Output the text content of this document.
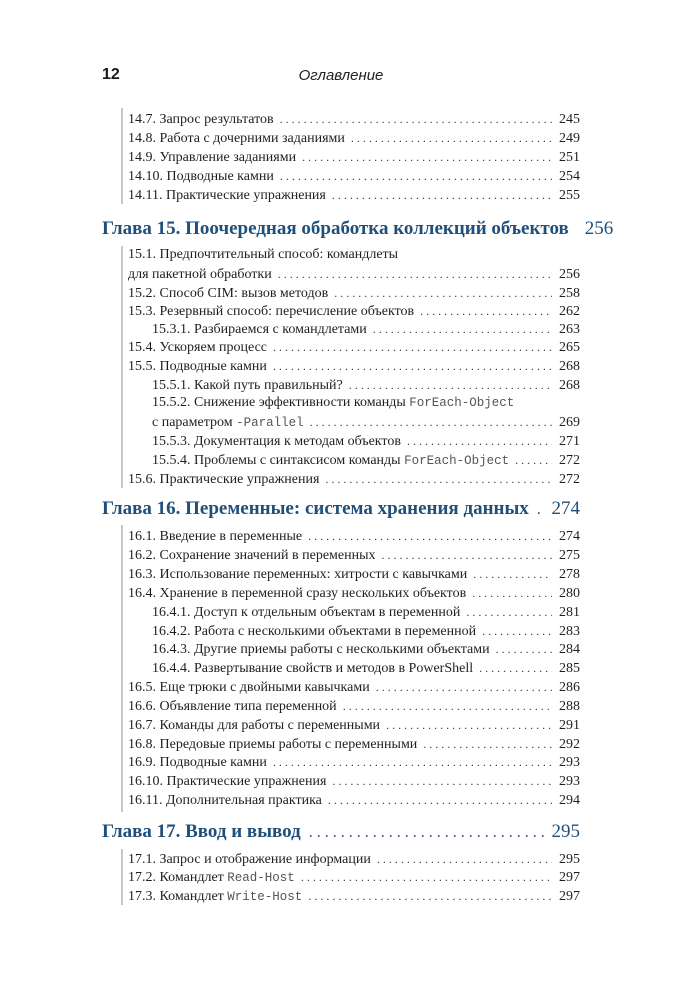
12	Оглавление
14.7. Запрос результатов . . .	245
14.8. Работа с дочерними заданиями . . .	249
14.9. Управление заданиями . . .	251
14.10. Подводные камни . . .	254
14.11. Практические упражнения . . .	255
Глава 15. Поочередная обработка коллекций объектов 256
15.1. Предпочтительный способ: командлеты
для пакетной обработки . . .	256
15.2. Способ CIM: вызов методов . . .	258
15.3. Резервный способ: перечисление объектов . . .	262
15.3.1. Разбираемся с командлетами . . .	263
15.4. Ускоряем процесс . . .	265
15.5. Подводные камни . . .	268
15.5.1. Какой путь правильный? . . .	268
15.5.2. Снижение эффективности команды ForEach-Object
с параметром -Parallel . . .	269
15.5.3. Документация к методам объектов . . .	271
15.5.4. Проблемы с синтаксисом команды ForEach-Object . . .	272
15.6. Практические упражнения . . .	272
Глава 16. Переменные: система хранения данных . . .	274
16.1. Введение в переменные . . .	274
16.2. Сохранение значений в переменных . . .	275
16.3. Использование переменных: хитрости с кавычками . . .	278
16.4. Хранение в переменной сразу нескольких объектов . . .	280
16.4.1. Доступ к отдельным объектам в переменной . . .	281
16.4.2. Работа с несколькими объектами в переменной . . .	283
16.4.3. Другие приемы работы с несколькими объектами . . .	284
16.4.4. Развертывание свойств и методов в PowerShell . . .	285
16.5. Еще трюки с двойными кавычками . . .	286
16.6. Объявление типа переменной . . .	288
16.7. Команды для работы с переменными . . .	291
16.8. Передовые приемы работы с переменными . . .	292
16.9. Подводные камни . . .	293
16.10. Практические упражнения . . .	293
16.11. Дополнительная практика . . .	294
Глава 17. Ввод и вывод . . .	295
17.1. Запрос и отображение информации . . .	295
17.2. Командлет Read-Host . . .	297
17.3. Командлет Write-Host . . .	297
